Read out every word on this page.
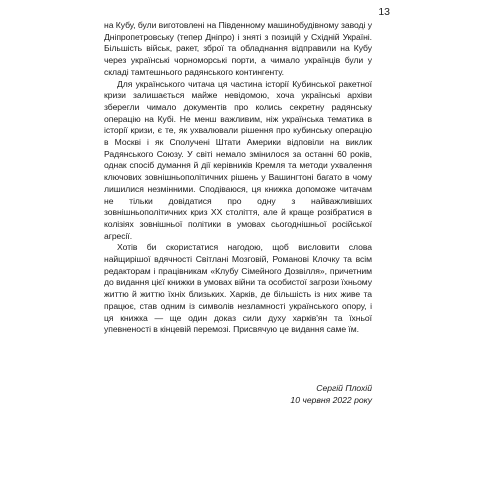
13

на Кубу, були виготовлені на Південному машинобудівному заводі у Дніпропетровську (тепер Дніпро) і зняті з позицій у Східній Україні. Більшість військ, ракет, зброї та обладнання відправили на Кубу через українські чорноморські порти, а чимало українців були у складі тамтешнього радянського контингенту.

Для українського читача ця частина історії Кубинської ракетної кризи залишається майже невідомою, хоча українські архіви зберегли чимало документів про колись секретну радянську операцію на Кубі. Не менш важливим, ніж українська тематика в історії кризи, є те, як ухвалювали рішення про кубинську операцію в Москві і як Сполучені Штати Америки відповіли на виклик Радянського Союзу. У світі немало змінилося за останні 60 років, однак спосіб думання й дії керівників Кремля та методи ухвалення ключових зовнішньополітичних рішень у Вашингтоні багато в чому лишилися незмінними. Сподіваюся, ця книжка допоможе читачам не тільки довідатися про одну з найважливіших зовнішньополітичних криз XX століття, але й краще розібратися в колізіях зовнішньої політики в умовах сьогоднішньої російської агресії.

Хотів би скористатися нагодою, щоб висловити слова найщирішої вдячності Світлані Мозговій, Романові Клочку та всім редакторам і працівникам «Клубу Сімейного Дозвілля», причетним до видання цієї книжки в умовах війни та особистої загрози їхньому життю й життю їхніх близьких. Харків, де більшість із них живе та працює, став одним із символів незламності українського опору, і ця книжка — ще один доказ сили духу харків'ян та їхньої упевненості в кінцевій перемозі. Присвячую це видання саме їм.

Сергій Плохій
10 червня 2022 року
